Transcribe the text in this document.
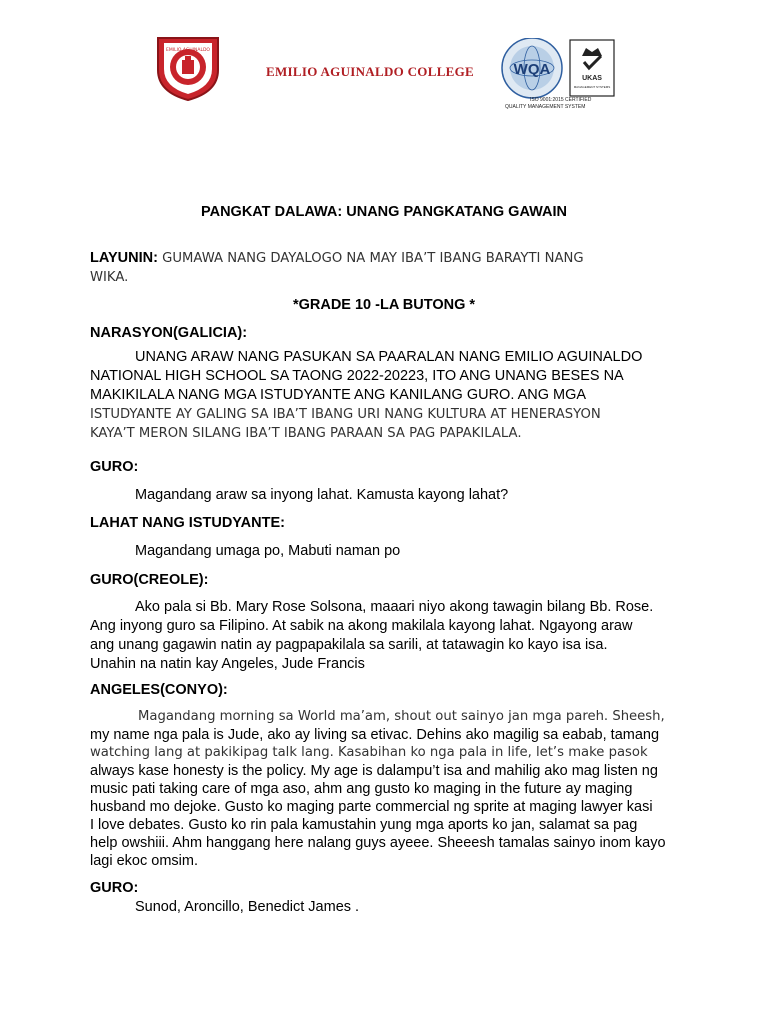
EMILIO AGUINALDO
COLLEGE
1957	EMILIO AGUINALDO COLLEGE	WQA
UKAS
MANAGEMENT SYSTEMS
ISO 9001:2015 CERTIFIED
QUALITY MANAGEMENT SYSTEM
PANGKAT DALAWA: UNANG PANGKATANG GAWAIN
LAYUNIN: GUMAWA NANG DAYALOGO NA MAY IBA’T IBANG BARAYTI NANG
WIKA.
*GRADE 10 -LA BUTONG *
NARASYON(GALICIA):
UNANG ARAW NANG PASUKAN SA PAARALAN NANG EMILIO AGUINALDO
NATIONAL HIGH SCHOOL SA TAONG 2022-20223, ITO ANG UNANG BESES NA
MAKIKILALA NANG MGA ISTUDYANTE ANG KANILANG GURO. ANG MGA
ISTUDYANTE AY GALING SA IBA’T IBANG URI NANG KULTURA AT HENERASYON
KAYA’T MERON SILANG IBA’T IBANG PARAAN SA PAG PAPAKILALA.
GURO:
Magandang araw sa inyong lahat. Kamusta kayong lahat?
LAHAT NANG ISTUDYANTE:
Magandang umaga po, Mabuti naman po
GURO(CREOLE):
Ako pala si Bb. Mary Rose Solsona, maaari niyo akong tawagin bilang Bb. Rose.
Ang inyong guro sa Filipino. At sabik na akong makilala kayong lahat. Ngayong araw
ang unang gagawin natin ay pagpapakilala sa sarili, at tatawagin ko kayo isa isa.
Unahin na natin kay Angeles, Jude Francis
ANGELES(CONYO):
Magandang morning sa World ma’am, shout out sainyo jan mga pareh. Sheesh,
my name nga pala is Jude, ako ay living sa etivac. Dehins ako magilig sa eabab, tamang
watching lang at pakikipag talk lang. Kasabihan ko nga pala in life, let’s make pasok
always kase honesty is the policy. My age is dalampu’t isa and mahilig ako mag listen ng
music pati taking care of mga aso, ahm ang gusto ko maging in the future ay maging
husband mo dejoke. Gusto ko maging parte commercial ng sprite at maging lawyer kasi
I love debates. Gusto ko rin pala kamustahin yung mga aports ko jan, salamat sa pag
help owshiii. Ahm hanggang here nalang guys ayeee. Sheeesh tamalas sainyo inom kayo
lagi ekoc omsim.
GURO:
Sunod, Aroncillo, Benedict James .
